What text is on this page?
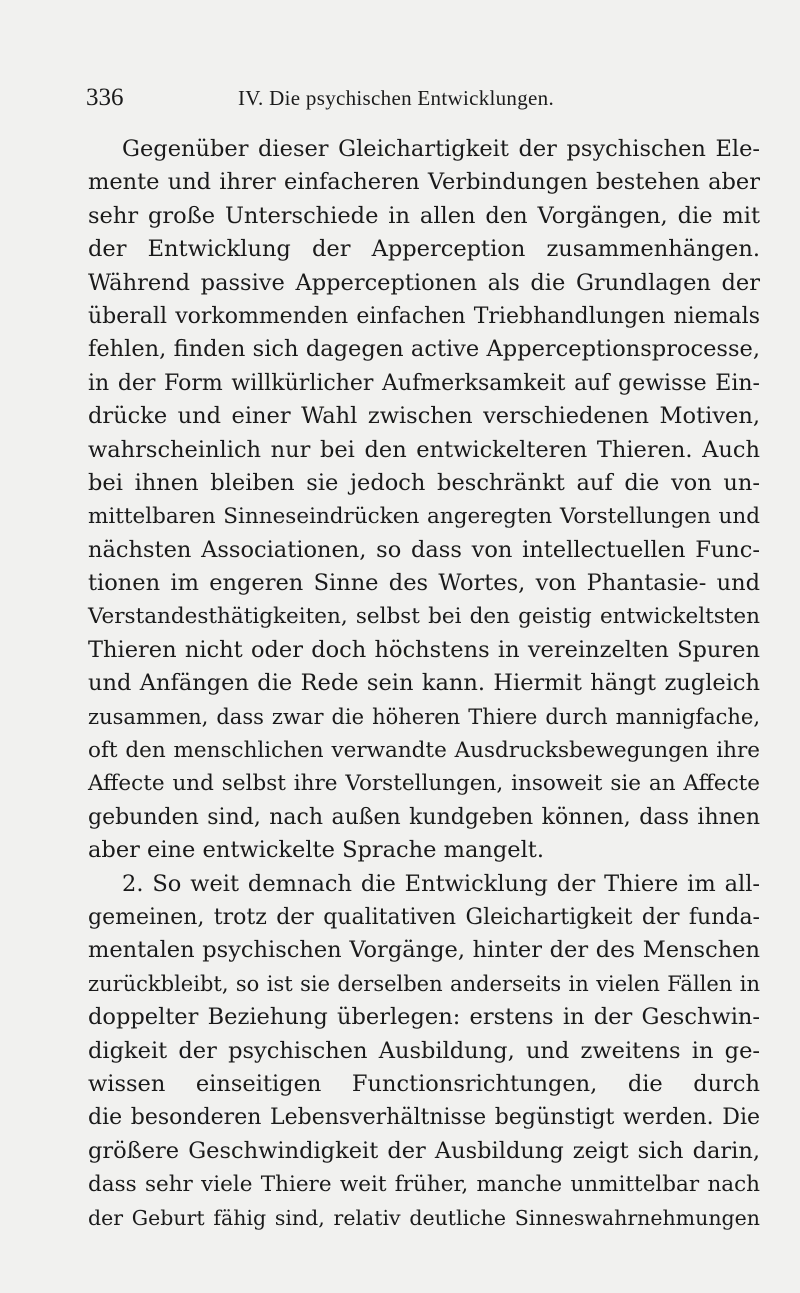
336	IV. Die psychischen Entwicklungen.
Gegenüber dieser Gleichartigkeit der psychischen Ele-
mente und ihrer einfacheren Verbindungen bestehen aber
sehr große Unterschiede in allen den Vorgängen, die mit
der Entwicklung der Apperception zusammenhängen.
Während passive Apperceptionen als die Grundlagen der
überall vorkommenden einfachen Triebhandlungen niemals
fehlen, finden sich dagegen active Apperceptionsprocesse,
in der Form willkürlicher Aufmerksamkeit auf gewisse Ein-
drücke und einer Wahl zwischen verschiedenen Motiven,
wahrscheinlich nur bei den entwickelteren Thieren. Auch
bei ihnen bleiben sie jedoch beschränkt auf die von un-
mittelbaren Sinneseindrücken angeregten Vorstellungen und
nächsten Associationen, so dass von intellectuellen Func-
tionen im engeren Sinne des Wortes, von Phantasie- und
Verstandesthätigkeiten, selbst bei den geistig entwickeltsten
Thieren nicht oder doch höchstens in vereinzelten Spuren
und Anfängen die Rede sein kann. Hiermit hängt zugleich
zusammen, dass zwar die höheren Thiere durch mannigfache,
oft den menschlichen verwandte Ausdrucksbewegungen ihre
Affecte und selbst ihre Vorstellungen, insoweit sie an Affecte
gebunden sind, nach außen kundgeben können, dass ihnen
aber eine entwickelte Sprache mangelt.
2. So weit demnach die Entwicklung der Thiere im all-
gemeinen, trotz der qualitativen Gleichartigkeit der funda-
mentalen psychischen Vorgänge, hinter der des Menschen
zurückbleibt, so ist sie derselben anderseits in vielen Fällen in
doppelter Beziehung überlegen: erstens in der Geschwin-
digkeit der psychischen Ausbildung, und zweitens in ge-
wissen einseitigen Functionsrichtungen, die durch
die besonderen Lebensverhältnisse begünstigt werden. Die
größere Geschwindigkeit der Ausbildung zeigt sich darin,
dass sehr viele Thiere weit früher, manche unmittelbar nach
der Geburt fähig sind, relativ deutliche Sinneswahrnehmungen
